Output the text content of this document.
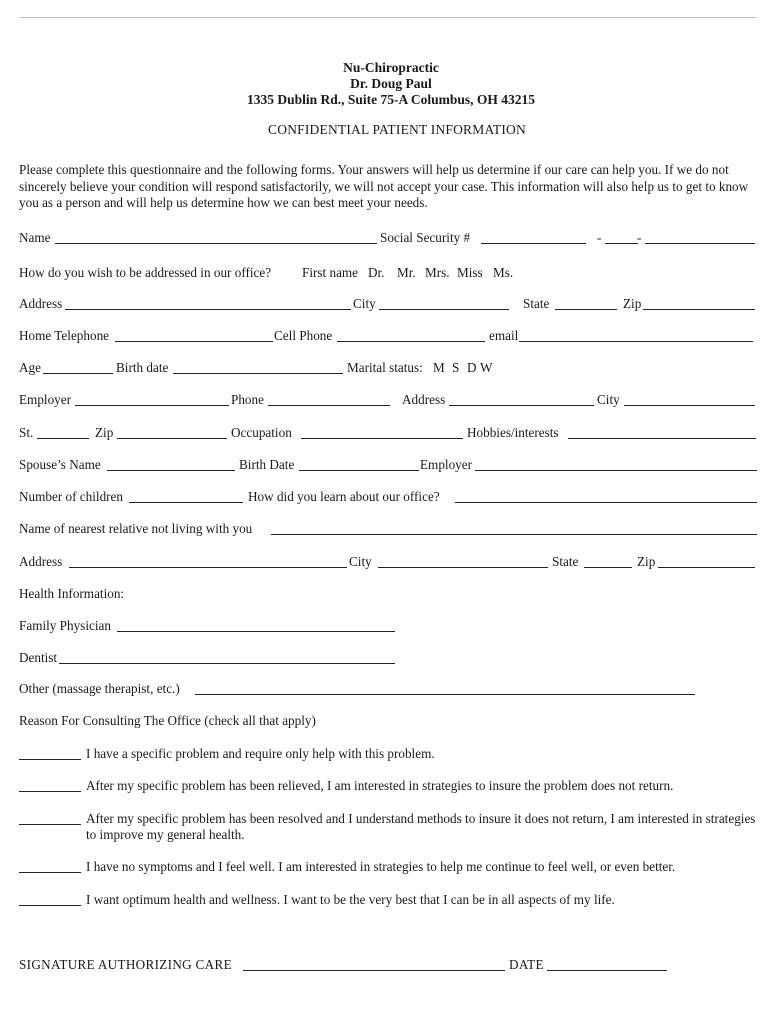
Nu-Chiropractic
Dr. Doug Paul
1335 Dublin Rd., Suite 75-A Columbus, OH 43215
CONFIDENTIAL PATIENT INFORMATION
Please complete this questionnaire and the following forms. Your answers will help us determine if our care can help you. If we do not sincerely believe your condition will respond satisfactorily, we will not accept your case. This information will also help us to get to know you as a person and will help us determine how we can best meet your needs.
Name	Social Security #	-	-
How do you wish to be addressed in our office? First name Dr. Mr. Mrs. Miss Ms.
Address	City	State	Zip
Home Telephone	Cell Phone	email
Age	Birth date	Marital status: M S D W
Employer	Phone	Address	City
St.	Zip	Occupation	Hobbies/interests
Spouse’s Name	Birth Date	Employer
Number of children	How did you learn about our office?
Name of nearest relative not living with you
Address	City	State	Zip
Health Information:
Family Physician
Dentist
Other (massage therapist, etc.)
Reason For Consulting The Office (check all that apply)
I have a specific problem and require only help with this problem.
After my specific problem has been relieved, I am interested in strategies to insure the problem does not return.
After my specific problem has been resolved and I understand methods to insure it does not return, I am interested in strategies to improve my general health.
I have no symptoms and I feel well. I am interested in strategies to help me continue to feel well, or even better.
I want optimum health and wellness. I want to be the very best that I can be in all aspects of my life.
SIGNATURE AUTHORIZING CARE	DATE
